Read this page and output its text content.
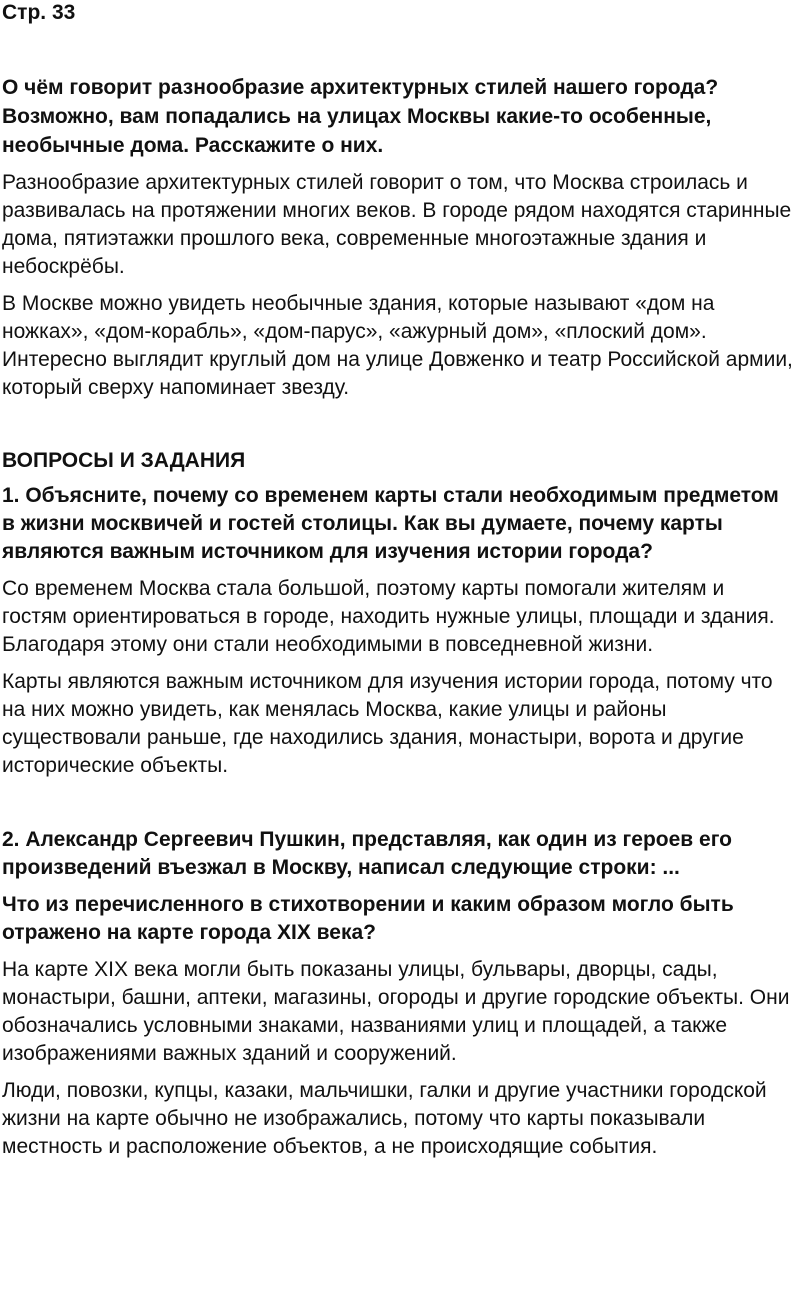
Стр. 33

О чём говорит разнообразие архитектурных стилей нашего города? Возможно, вам попадались на улицах Москвы какие-то особенные, необычные дома. Расскажите о них.

Разнообразие архитектурных стилей говорит о том, что Москва строилась и развивалась на протяжении многих веков. В городе рядом находятся старинные дома, пятиэтажки прошлого века, современные многоэтажные здания и небоскрёбы.

В Москве можно увидеть необычные здания, которые называют «дом на ножках», «дом-корабль», «дом-парус», «ажурный дом», «плоский дом». Интересно выглядит круглый дом на улице Довженко и театр Российской армии, который сверху напоминает звезду.

ВОПРОСЫ И ЗАДАНИЯ

1. Объясните, почему со временем карты стали необходимым предметом в жизни москвичей и гостей столицы. Как вы думаете, почему карты являются важным источником для изучения истории города?

Со временем Москва стала большой, поэтому карты помогали жителям и гостям ориентироваться в городе, находить нужные улицы, площади и здания. Благодаря этому они стали необходимыми в повседневной жизни.

Карты являются важным источником для изучения истории города, потому что на них можно увидеть, как менялась Москва, какие улицы и районы существовали раньше, где находились здания, монастыри, ворота и другие исторические объекты.

2. Александр Сергеевич Пушкин, представляя, как один из героев его произведений въезжал в Москву, написал следующие строки: ...

Что из перечисленного в стихотворении и каким образом могло быть отражено на карте города XIX века?

На карте XIX века могли быть показаны улицы, бульвары, дворцы, сады, монастыри, башни, аптеки, магазины, огороды и другие городские объекты. Они обозначались условными знаками, названиями улиц и площадей, а также изображениями важных зданий и сооружений.

Люди, повозки, купцы, казаки, мальчишки, галки и другие участники городской жизни на карте обычно не изображались, потому что карты показывали местность и расположение объектов, а не происходящие события.
